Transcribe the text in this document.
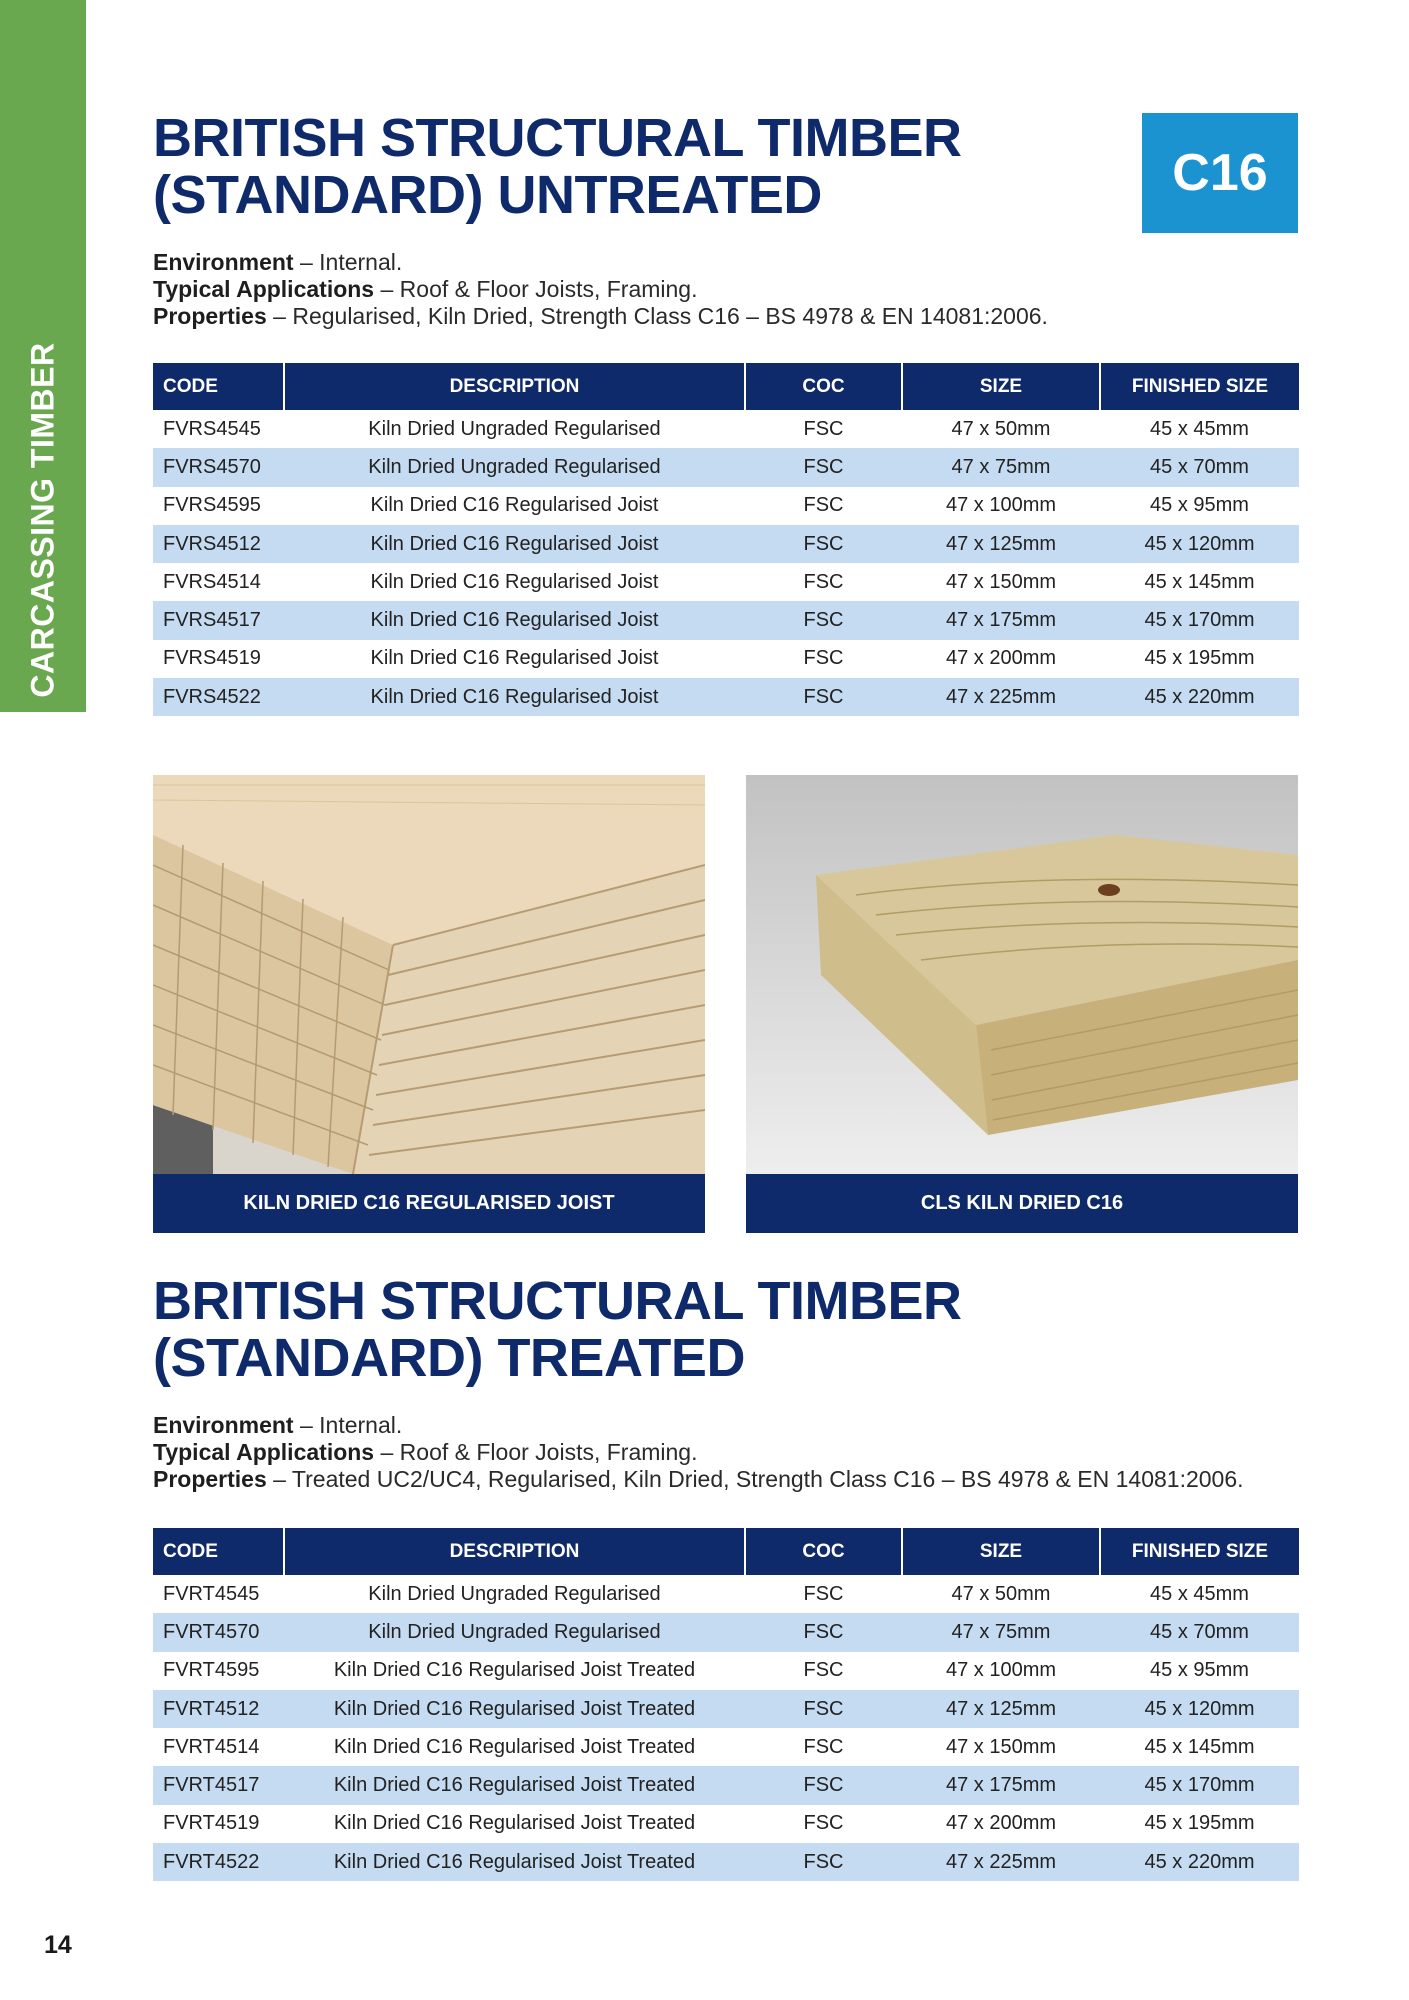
CARCASSING TIMBER
BRITISH STRUCTURAL TIMBER
(STANDARD) UNTREATED	C16
Environment – Internal.
Typical Applications – Roof & Floor Joists, Framing.
Properties – Regularised, Kiln Dried, Strength Class C16 – BS 4978 & EN 14081:2006.
CODE	DESCRIPTION	COC	SIZE	FINISHED SIZE
FVRS4545	Kiln Dried Ungraded Regularised	FSC	47 x 50mm	45 x 45mm
FVRS4570	Kiln Dried Ungraded Regularised	FSC	47 x 75mm	45 x 70mm
FVRS4595	Kiln Dried C16 Regularised Joist	FSC	47 x 100mm	45 x 95mm
FVRS4512	Kiln Dried C16 Regularised Joist	FSC	47 x 125mm	45 x 120mm
FVRS4514	Kiln Dried C16 Regularised Joist	FSC	47 x 150mm	45 x 145mm
FVRS4517	Kiln Dried C16 Regularised Joist	FSC	47 x 175mm	45 x 170mm
FVRS4519	Kiln Dried C16 Regularised Joist	FSC	47 x 200mm	45 x 195mm
FVRS4522	Kiln Dried C16 Regularised Joist	FSC	47 x 225mm	45 x 220mm
KILN DRIED C16 REGULARISED JOIST	CLS KILN DRIED C16
BRITISH STRUCTURAL TIMBER
(STANDARD) TREATED
Environment – Internal.
Typical Applications – Roof & Floor Joists, Framing.
Properties – Treated UC2/UC4, Regularised, Kiln Dried, Strength Class C16 – BS 4978 & EN 14081:2006.
CODE	DESCRIPTION	COC	SIZE	FINISHED SIZE
FVRT4545	Kiln Dried Ungraded Regularised	FSC	47 x 50mm	45 x 45mm
FVRT4570	Kiln Dried Ungraded Regularised	FSC	47 x 75mm	45 x 70mm
FVRT4595	Kiln Dried C16 Regularised Joist Treated	FSC	47 x 100mm	45 x 95mm
FVRT4512	Kiln Dried C16 Regularised Joist Treated	FSC	47 x 125mm	45 x 120mm
FVRT4514	Kiln Dried C16 Regularised Joist Treated	FSC	47 x 150mm	45 x 145mm
FVRT4517	Kiln Dried C16 Regularised Joist Treated	FSC	47 x 175mm	45 x 170mm
FVRT4519	Kiln Dried C16 Regularised Joist Treated	FSC	47 x 200mm	45 x 195mm
FVRT4522	Kiln Dried C16 Regularised Joist Treated	FSC	47 x 225mm	45 x 220mm
14
